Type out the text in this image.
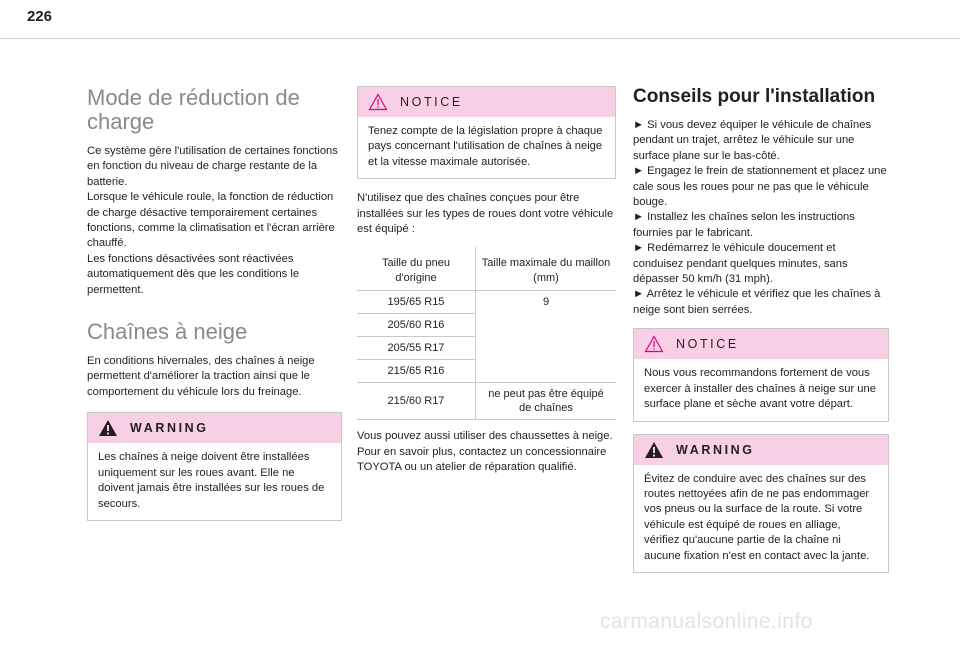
226
Mode de réduction de charge

Ce système gère l'utilisation de certaines fonctions en fonction du niveau de charge restante de la batterie.
Lorsque le véhicule roule, la fonction de réduction de charge désactive temporairement certaines fonctions, comme la climatisation et l'écran arrière chauffé.
Les fonctions désactivées sont réactivées automatiquement dès que les conditions le permettent.

Chaînes à neige

En conditions hivernales, des chaînes à neige permettent d'améliorer la traction ainsi que le comportement du véhicule lors du freinage.

WARNING
Les chaînes à neige doivent être installées uniquement sur les roues avant. Elle ne doivent jamais être installées sur les roues de secours.
NOTICE
Tenez compte de la législation propre à chaque pays concernant l'utilisation de chaînes à neige et la vitesse maximale autorisée.

N'utilisez que des chaînes conçues pour être installées sur les types de roues dont votre véhicule est équipé :

Taille du pneu d'origine	Taille maximale du maillon (mm)
195/65 R15	9
205/60 R16	
205/55 R17	
215/65 R16	
215/60 R17	ne peut pas être équipé de chaînes

Vous pouvez aussi utiliser des chaussettes à neige.
Pour en savoir plus, contactez un concessionnaire TOYOTA ou un atelier de réparation qualifié.

Conseils pour l'installation

► Si vous devez équiper le véhicule de chaînes pendant un trajet, arrêtez le véhicule sur une surface plane sur le bas-côté.
► Engagez le frein de stationnement et placez une cale sous les roues pour ne pas que le véhicule bouge.
► Installez les chaînes selon les instructions fournies par le fabricant.
► Redémarrez le véhicule doucement et conduisez pendant quelques minutes, sans dépasser 50 km/h (31 mph).
► Arrêtez le véhicule et vérifiez que les chaînes à neige sont bien serrées.

NOTICE
Nous vous recommandons fortement de vous exercer à installer des chaînes à neige sur une surface plane et sèche avant votre départ.
WARNING
Évitez de conduire avec des chaînes sur des routes nettoyées afin de ne pas endommager vos pneus ou la surface de la route. Si votre véhicule est équipé de roues en alliage, vérifiez qu'aucune partie de la chaîne ni aucune fixation n'est en contact avec la jante.
carmanualsonline.info
